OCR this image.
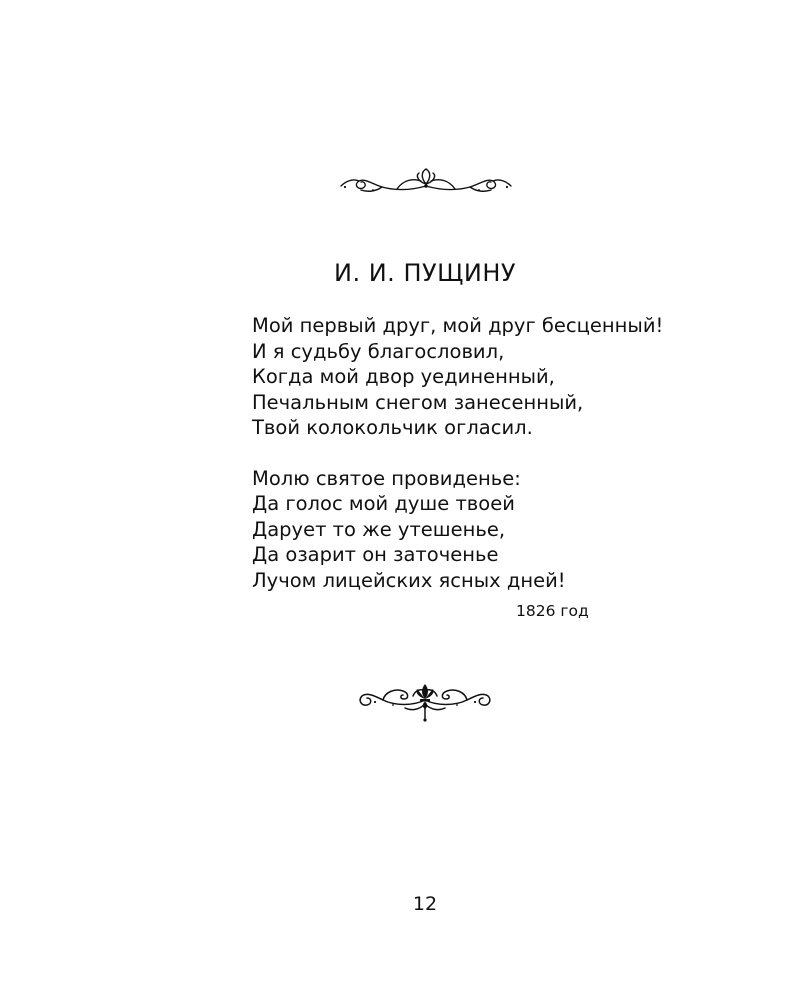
И. И. ПУЩИНУ
Мой первый друг, мой друг бесценный!
И я судьбу благословил,
Когда мой двор уединенный,
Печальным снегом занесенный,
Твой колокольчик огласил.
Молю святое провиденье:
Да голос мой душе твоей
Дарует то же утешенье,
Да озарит он заточенье
Лучом лицейских ясных дней!
1826 год
12
